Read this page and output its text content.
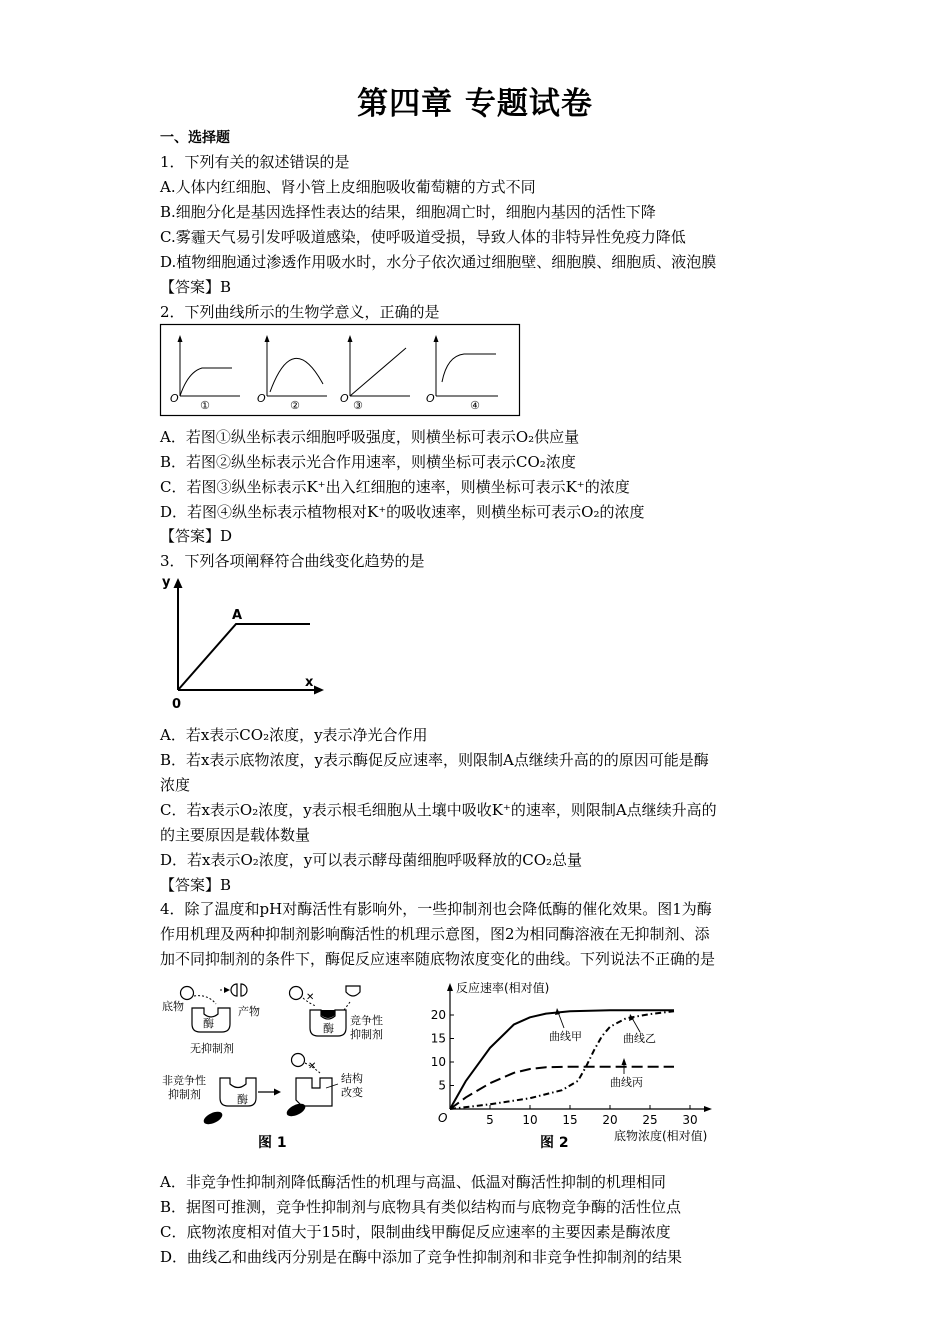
第四章 专题试卷
一、选择题
1．下列有关的叙述错误的是
A.人体内红细胞、肾小管上皮细胞吸收葡萄糖的方式不同
B.细胞分化是基因选择性表达的结果，细胞凋亡时，细胞内基因的活性下降
C.雾霾天气易引发呼吸道感染，使呼吸道受损，导致人体的非特异性免疫力降低
D.植物细胞通过渗透作用吸水时，水分子依次通过细胞壁、细胞膜、细胞质、液泡膜
【答案】B
2．下列曲线所示的生物学意义，正确的是
O	O	O	O
①	②	③	④
A．若图①纵坐标表示细胞呼吸强度，则横坐标可表示O₂供应量
B．若图②纵坐标表示光合作用速率，则横坐标可表示CO₂浓度
C．若图③纵坐标表示K⁺出入红细胞的速率，则横坐标可表示K⁺的浓度
D．若图④纵坐标表示植物根对K⁺的吸收速率，则横坐标可表示O₂的浓度
【答案】D
3．下列各项阐释符合曲线变化趋势的是
y
x
0
A
A．若x表示CO₂浓度，y表示净光合作用
B．若x表示底物浓度，y表示酶促反应速率，则限制A点继续升高的的原因可能是酶
浓度
C．若x表示O₂浓度，y表示根毛细胞从土壤中吸收K⁺的速率，则限制A点继续升高的
的主要原因是载体数量
D．若x表示O₂浓度，y可以表示酵母菌细胞呼吸释放的CO₂总量
【答案】B
4．除了温度和pH对酶活性有影响外，一些抑制剂也会降低酶的催化效果。图1为酶
作用机理及两种抑制剂影响酶活性的机理示意图，图2为相同酶溶液在无抑制剂、添
加不同抑制剂的条件下，酶促反应速率随底物浓度变化的曲线。下列说法不正确的是
底物	产物
酶
无抑制剂
✕
酶
竞争性
抑制剂
非竞争性
抑制剂	酶
✕
结构
改变
图 1
5
10
15
20
5 10 15 20 25 30
反应速率(相对值)
底物浓度(相对值)
O
曲线甲	曲线乙
曲线丙
图 2
A．非竞争性抑制剂降低酶活性的机理与高温、低温对酶活性抑制的机理相同
B．据图可推测，竞争性抑制剂与底物具有类似结构而与底物竞争酶的活性位点
C．底物浓度相对值大于15时，限制曲线甲酶促反应速率的主要因素是酶浓度
D．曲线乙和曲线丙分别是在酶中添加了竞争性抑制剂和非竞争性抑制剂的结果
